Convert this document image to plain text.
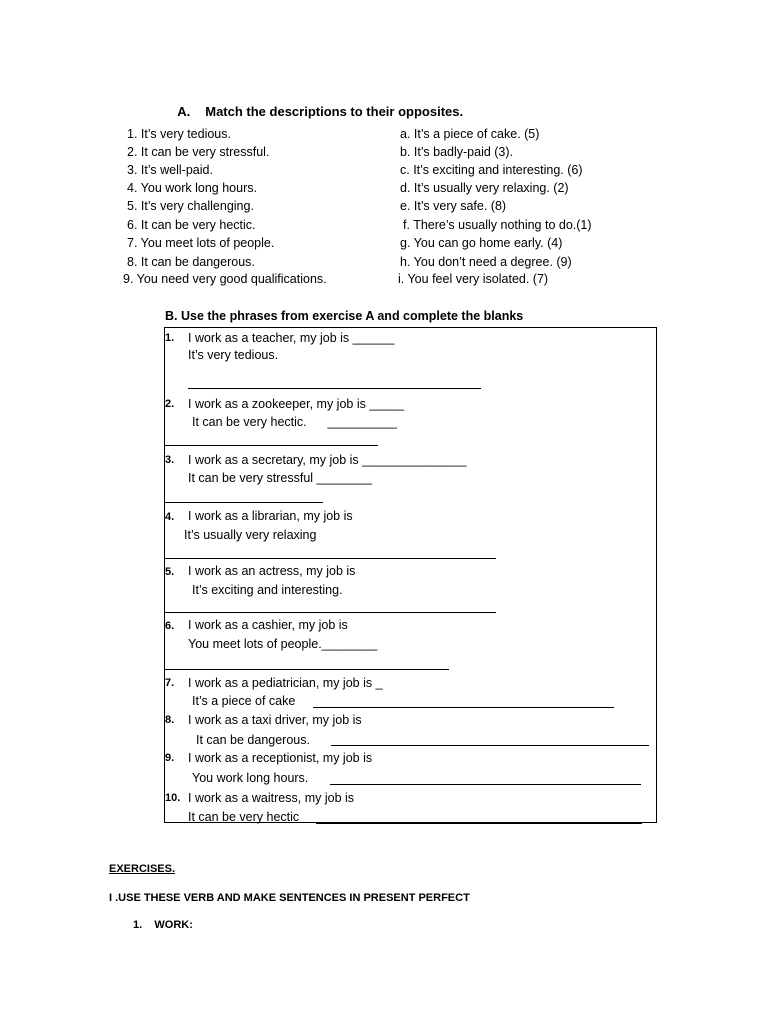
A. Match the descriptions to their opposites.

1. It’s very tedious.
2. It can be very stressful.
3. It’s well-paid.
4. You work long hours.
5. It’s very challenging.
6. It can be very hectic.
7. You meet lots of people.
8. It can be dangerous.
9. You need very good qualifications.
a. It’s a piece of cake. (5)
b. It’s badly-paid (3).
c. It’s exciting and interesting. (6)
d. It’s usually very relaxing. (2)
e. It’s very safe. (8)
f. There’s usually nothing to do.(1)
g. You can go home early. (4)
h. You don’t need a degree. (9)
i. You feel very isolated. (7)
B. Use the phrases from exercise A and complete the blanks
1. I work as a teacher, my job is ______
It’s very tedious.
2. I work as a zookeeper, my job is _____
It can be very hectic.      __________
3. I work as a secretary, my job is _______________
It can be very stressful ________
4. I work as a librarian, my job is
It’s usually very relaxing
5. I work as an actress, my job is
It’s exciting and interesting.
6. I work as a cashier, my job is
You meet lots of people.________
7. I work as a pediatrician, my job is _
It’s a piece of cake
8. I work as a taxi driver, my job is
It can be dangerous.
9. I work as a receptionist, my job is
You work long hours.
10. I work as a waitress, my job is
It can be very hectic
EXERCISES.
I .USE THESE VERB AND MAKE SENTENCES IN PRESENT PERFECT
1.    WORK:
